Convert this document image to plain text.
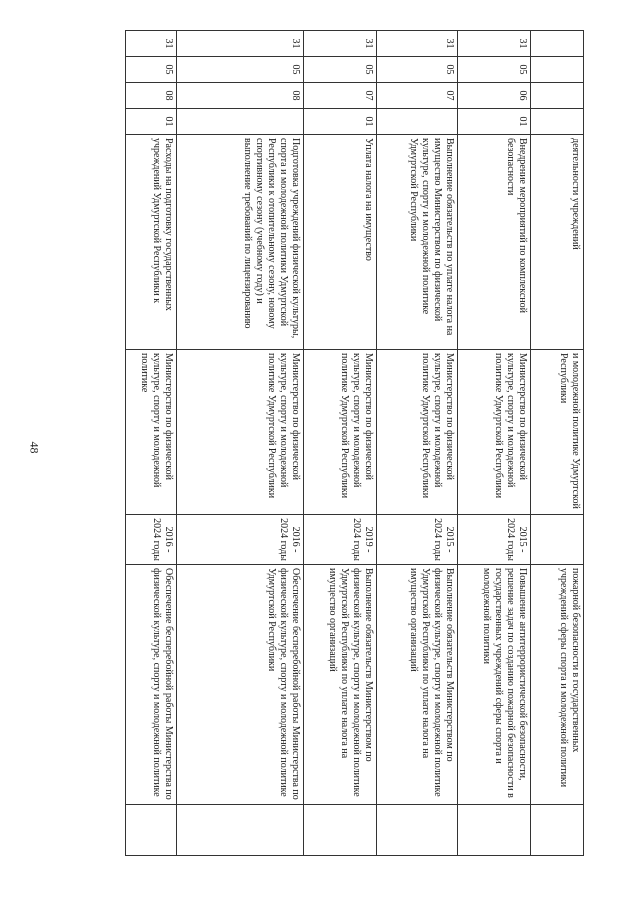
48
				деятельности учреждений	и молодежной политике Удмуртской Республики		пожарной безопасности в государственных учреждений сферы спорта и молодежной политики	
31	05	06	01	Внедрение мероприятий по комплексной безопасности	Министерство по физической культуре, спорту и молодежной политике Удмуртской Республики	2015 - 2024 годы	Повышение антитеррористической безопасности, решение задач по созданию пожарной безопасности в государственных учреждений сферы спорта и молодежной политики	
31	05	07		Выполнение обязательств по уплате налога на имущество Министерством по физической культуре, спорту и молодежной политике Удмуртской Республики	Министерство по физической культуре, спорту и молодежной политике Удмуртской Республики	2015 - 2024 годы	Выполнение обязательств Министерством по физической культуре, спорту и молодежной политике Удмуртской Республики по уплате налога на имущество организаций	
31	05	07	01	Уплата налога на имущество	Министерство по физической культуре, спорту и молодежной политике Удмуртской Республики	2019 - 2024 годы	Выполнение обязательств Министерством по физической культуре, спорту и молодежной политике Удмуртской Республики по уплате налога на имущество организаций	
31	05	08		Подготовка учреждений физической культуры, спорта и молодежной политики Удмуртской Республики к отопительному сезону, новому спортивному сезону (учебному году) и выполнение требований по лицензированию	Министерство по физической культуре, спорту и молодежной политике Удмуртской Республики	2016 - 2024 годы	Обеспечение бесперебойной работы Министерства по физической культуре, спорту и молодежной политике Удмуртской Республики	
31	05	08	01	Расходы на подготовку государственных учреждений Удмуртской Республики к	Министерство по физической культуре, спорту и молодежной политике	2016 - 2024 годы	Обеспечение бесперебойной работы Министерства по физической культуре, спорту и молодежной политике	
